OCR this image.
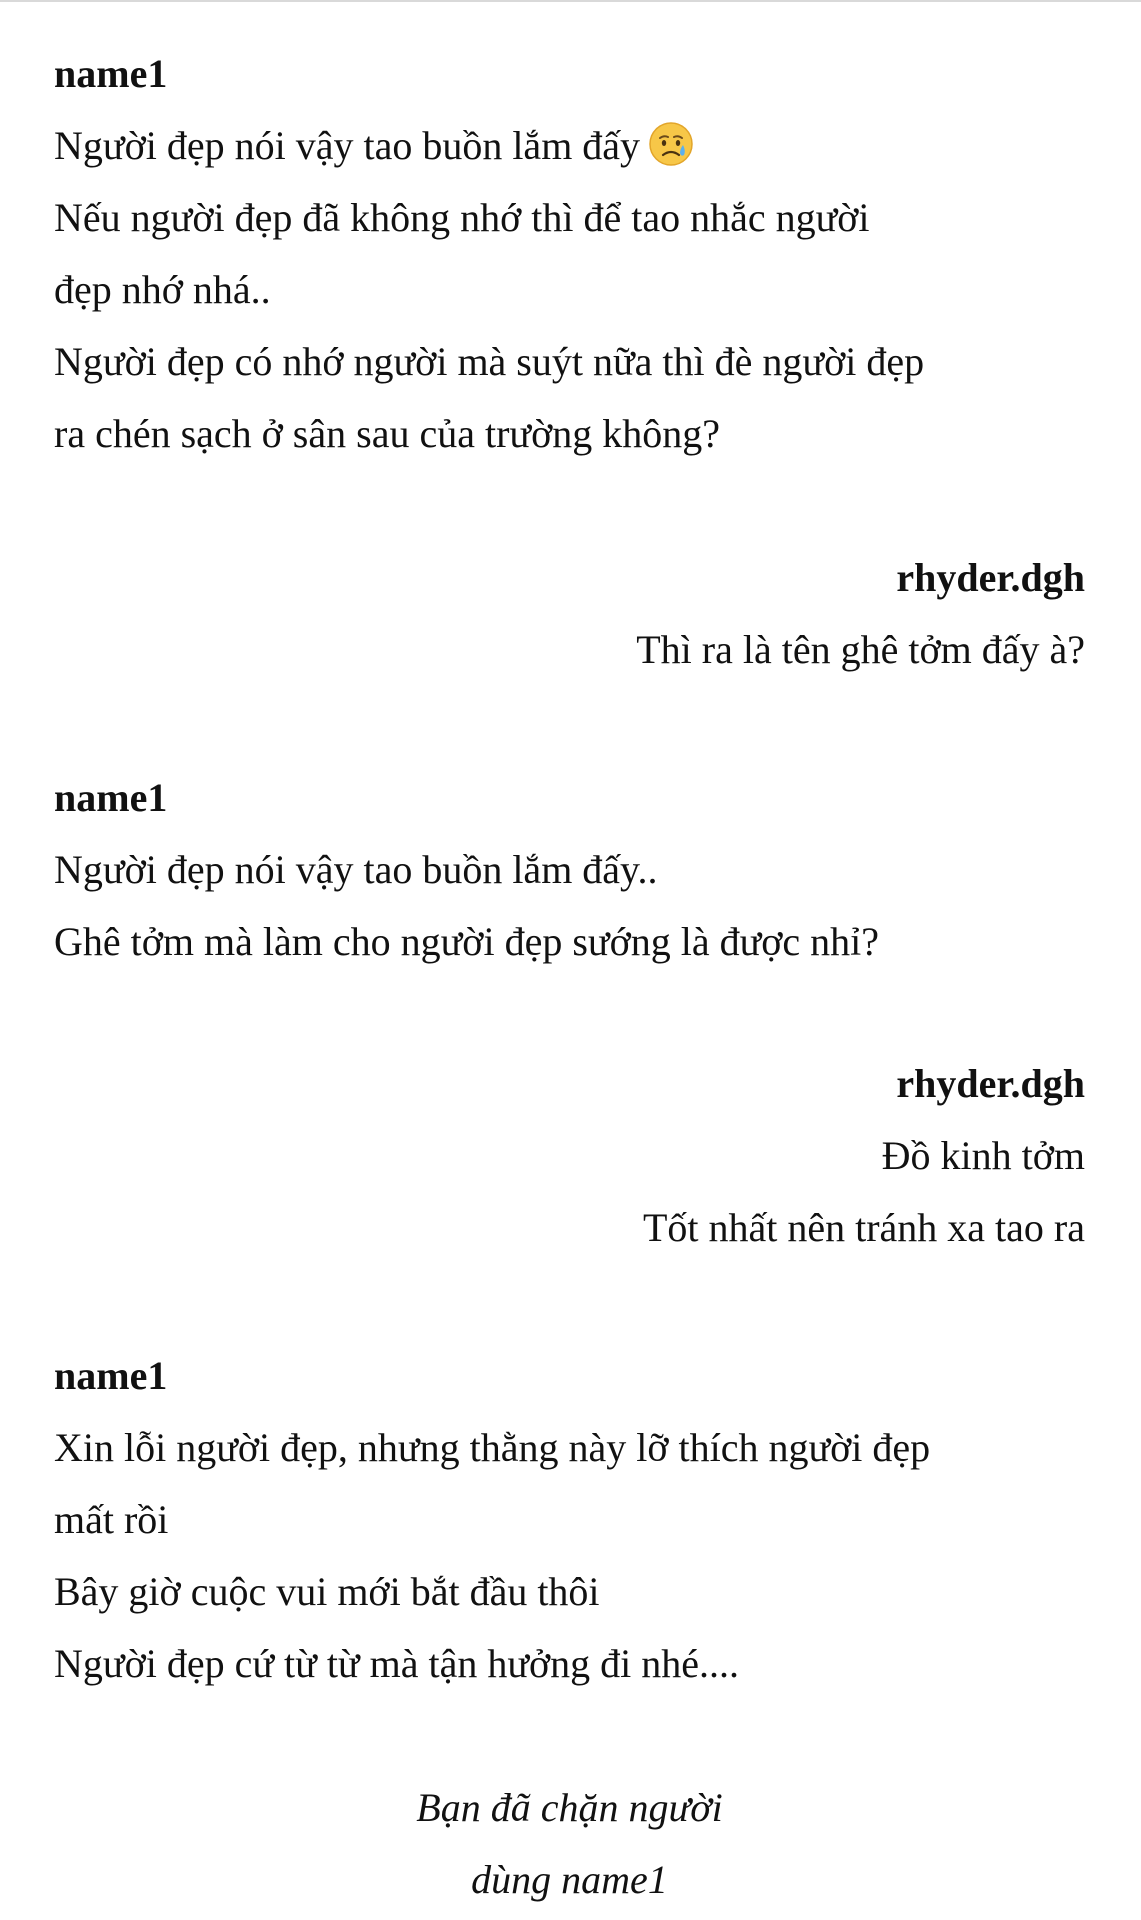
name1
Người đẹp nói vậy tao buồn lắm đấy
Nếu người đẹp đã không nhớ thì để tao nhắc người
đẹp nhớ nhá..
Người đẹp có nhớ người mà suýt nữa thì đè người đẹp
ra chén sạch ở sân sau của trường không?
rhyder.dgh
Thì ra là tên ghê tởm đấy à?
name1
Người đẹp nói vậy tao buồn lắm đấy..
Ghê tởm mà làm cho người đẹp sướng là được nhỉ?
rhyder.dgh
Đồ kinh tởm
Tốt nhất nên tránh xa tao ra
name1
Xin lỗi người đẹp, nhưng thằng này lỡ thích người đẹp
mất rồi
Bây giờ cuộc vui mới bắt đầu thôi
Người đẹp cứ từ từ mà tận hưởng đi nhé....
Bạn đã chặn người
dùng name1
